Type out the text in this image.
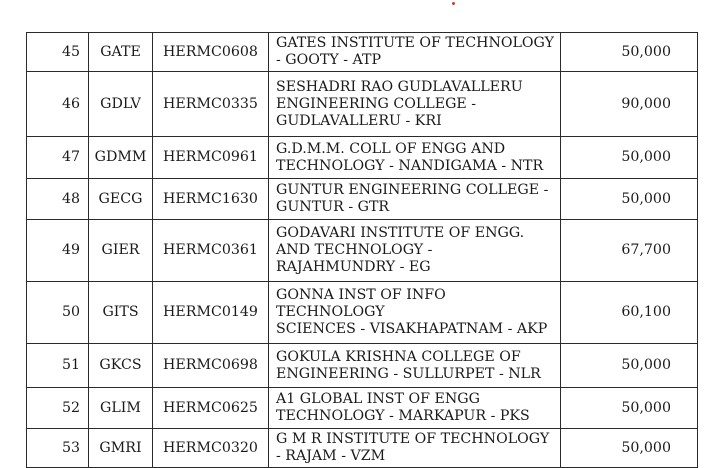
45	GATE	HERMC0608	GATES INSTITUTE OF TECHNOLOGY
- GOOTY - ATP	50,000
46	GDLV	HERMC0335	SESHADRI RAO GUDLAVALLERU
ENGINEERING COLLEGE -
GUDLAVALLERU - KRI	90,000
47	GDMM	HERMC0961	G.D.M.M. COLL OF ENGG AND
TECHNOLOGY - NANDIGAMA - NTR	50,000
48	GECG	HERMC1630	GUNTUR ENGINEERING COLLEGE -
GUNTUR - GTR	50,000
49	GIER	HERMC0361	GODAVARI INSTITUTE OF ENGG.
AND TECHNOLOGY -
RAJAHMUNDRY - EG	67,700
50	GITS	HERMC0149	GONNA INST OF INFO TECHNOLOGY
SCIENCES - VISAKHAPATNAM - AKP	60,100
51	GKCS	HERMC0698	GOKULA KRISHNA COLLEGE OF
ENGINEERING - SULLURPET - NLR	50,000
52	GLIM	HERMC0625	A1 GLOBAL INST OF ENGG
TECHNOLOGY - MARKAPUR - PKS	50,000
53	GMRI	HERMC0320	G M R INSTITUTE OF TECHNOLOGY
- RAJAM - VZM	50,000
